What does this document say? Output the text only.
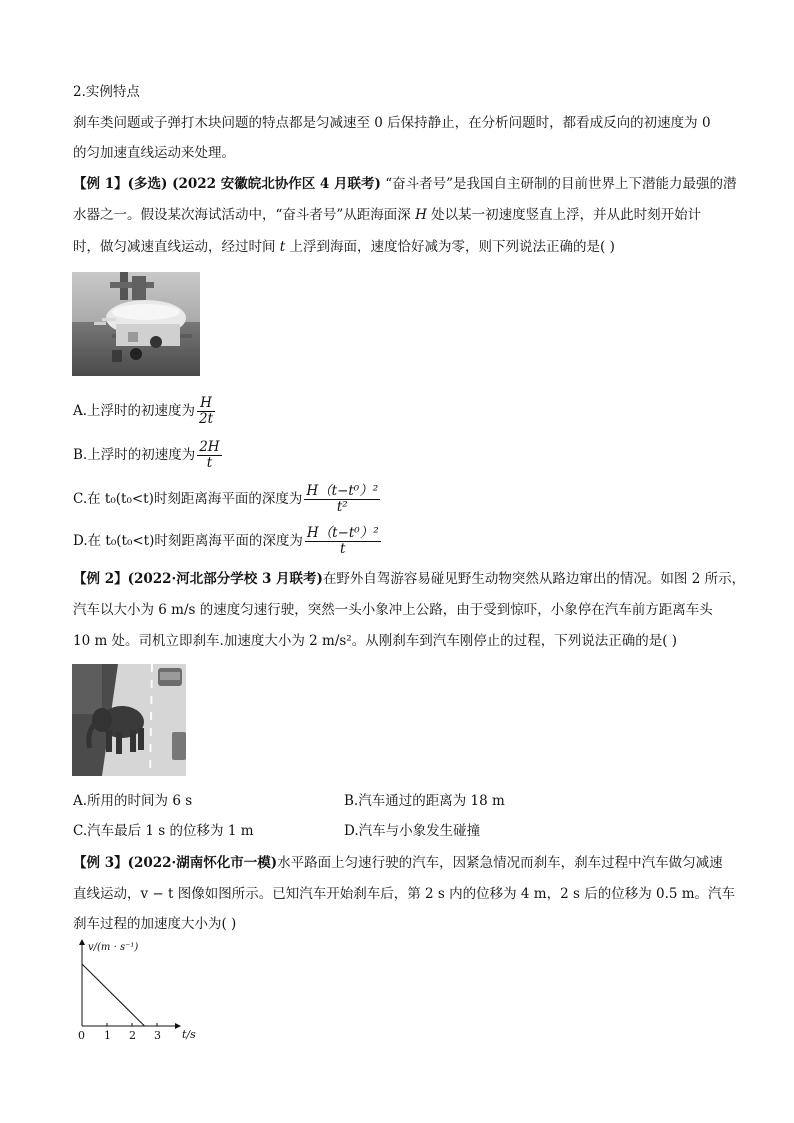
2.实例特点
刹车类问题或子弹打木块问题的特点都是匀减速至 0 后保持静止，在分析问题时，都看成反向的初速度为 0
的匀加速直线运动来处理。
【例 1】(多选) (2022 安徽皖北协作区 4 月联考) “奋斗者号”是我国自主研制的目前世界上下潜能力最强的潜
水器之一。假设某次海试活动中，“奋斗者号”从距海面深 H 处以某一初速度竖直上浮，并从此时刻开始计
时，做匀减速直线运动，经过时间 t 上浮到海面，速度恰好减为零，则下列说法正确的是( )
A.上浮时的初速度为 $\frac{H}{2t}$
B.上浮时的初速度为 $\frac{2H}{t}$
C.在 t₀(t₀<t)时刻距离海平面的深度为 $\frac{\text{H（t−t⁰）²}}{\text{t²}}$
D.在 t₀(t₀<t)时刻距离海平面的深度为 $\frac{\text{H（t−t⁰）²}}{t}$
【例 2】(2022·河北部分学校 3 月联考)在野外自驾游容易碰见野生动物突然从路边窜出的情况。如图 2 所示，
汽车以大小为 6 m/s 的速度匀速行驶，突然一头小象冲上公路，由于受到惊吓，小象停在汽车前方距离车头
10 m 处。司机立即刹车.加速度大小为 2 m/s²。从刚刹车到汽车刚停止的过程，下列说法正确的是( )
A.所用的时间为 6 s	B.汽车通过的距离为 18 m
C.汽车最后 1 s 的位移为 1 m	D.汽车与小象发生碰撞
【例 3】(2022·湖南怀化市一模)水平路面上匀速行驶的汽车，因紧急情况而刹车，刹车过程中汽车做匀减速
直线运动，v − t 图像如图所示。已知汽车开始刹车后，第 2 s 内的位移为 4 m，2 s 后的位移为 0.5 m。汽车
刹车过程的加速度大小为( )
v/(m · s⁻¹)
t/s
0 1 2 3
